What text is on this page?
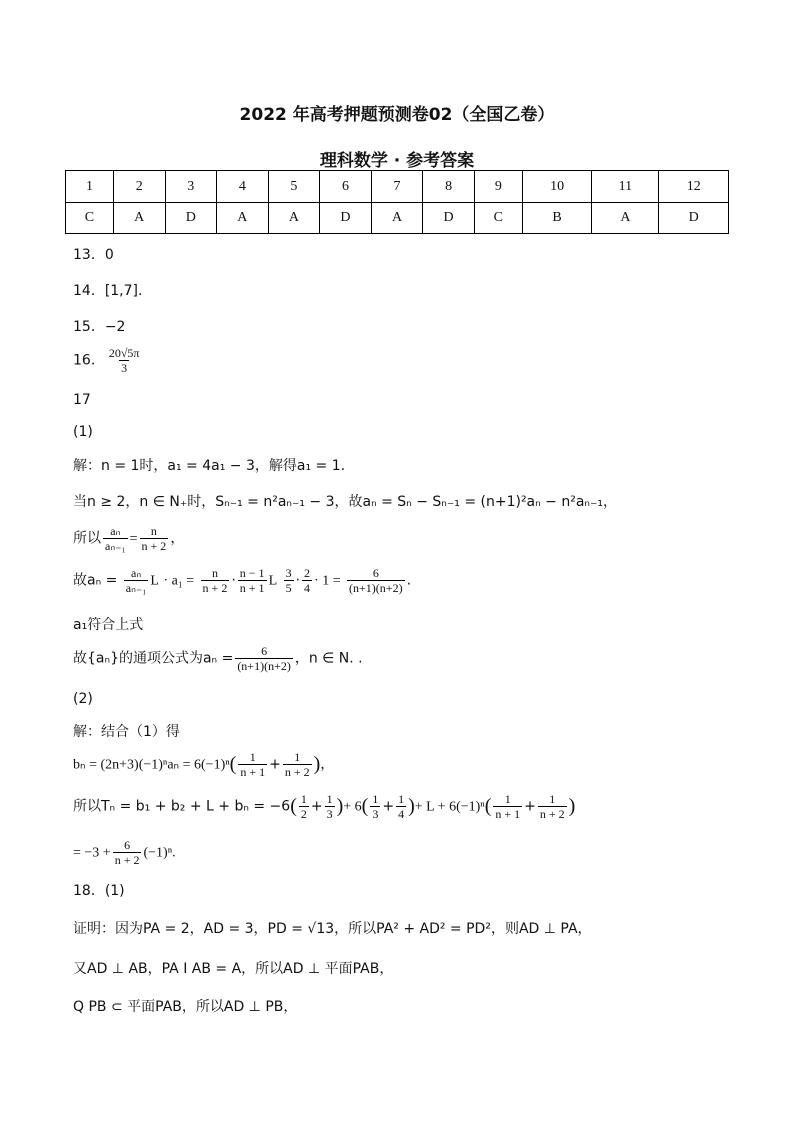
2022 年高考押题预测卷02（全国乙卷）
理科数学 · 参考答案
1	2	3	4	5	6	7	8	9	10	11	12
C	A	D	A	A	D	A	D	C	B	A	D
13．0
14．[1,7].
15．−2
16． $\frac{20√5\pi}{3}$
17
(1)
解：n = 1时，a₁ = 4a₁ − 3，解得a₁ = 1.
当n ≥ 2，n ∈ N₊时，Sₙ₋₁ = n²aₙ₋₁ − 3，故aₙ = Sₙ − Sₙ₋₁ = (n+1)²aₙ − n²aₙ₋₁，
所以 $\frac{\text{aₙ}}{\text{aₙ₋₁}} = \frac{n}{n + 2}$ ，
故$a_n = \frac{\text{aₙ}}{\text{aₙ₋₁}}$ $L \cdot a_1 = \frac{n}{n + 2} \cdot \frac{n - 1}{n + 1}$ L $\frac{3}{5} \cdot \frac{2}{4} \cdot 1 = \frac{6}{(n+1)(n+2)}$ .
a₁符合上式
故{aₙ}的通项公式为$a_n = \frac{6}{(n+1)(n+2)}$ ，n ∈ N. .
(2)
解：结合（1）得
$b_n = (2n+3)(-1)^na_n = 6(-1)^n( \frac{1}{n + 1} + \frac{1}{n + 2}$ )，
所以$T_n = b_1 + b_2 + L + b_n = -6( \frac{1}{2} + \frac{1}{3}$ )+ $6( \frac{1}{3} + \frac{1}{4}$ )+ $L + 6(-1)^n( \frac{1}{n + 1} + \frac{1}{n + 2}$ )
= $-3 + \frac{6}{n + 2} (-1)^n$.
18．(1)
证明：因为PA = 2，AD = 3，PD = √13，所以PA² + AD² = PD²，则AD ⊥ PA，
又AD ⊥ AB，PA I AB = A，所以AD ⊥ 平面PAB，
Q PB ⊂ 平面PAB，所以AD ⊥ PB，
